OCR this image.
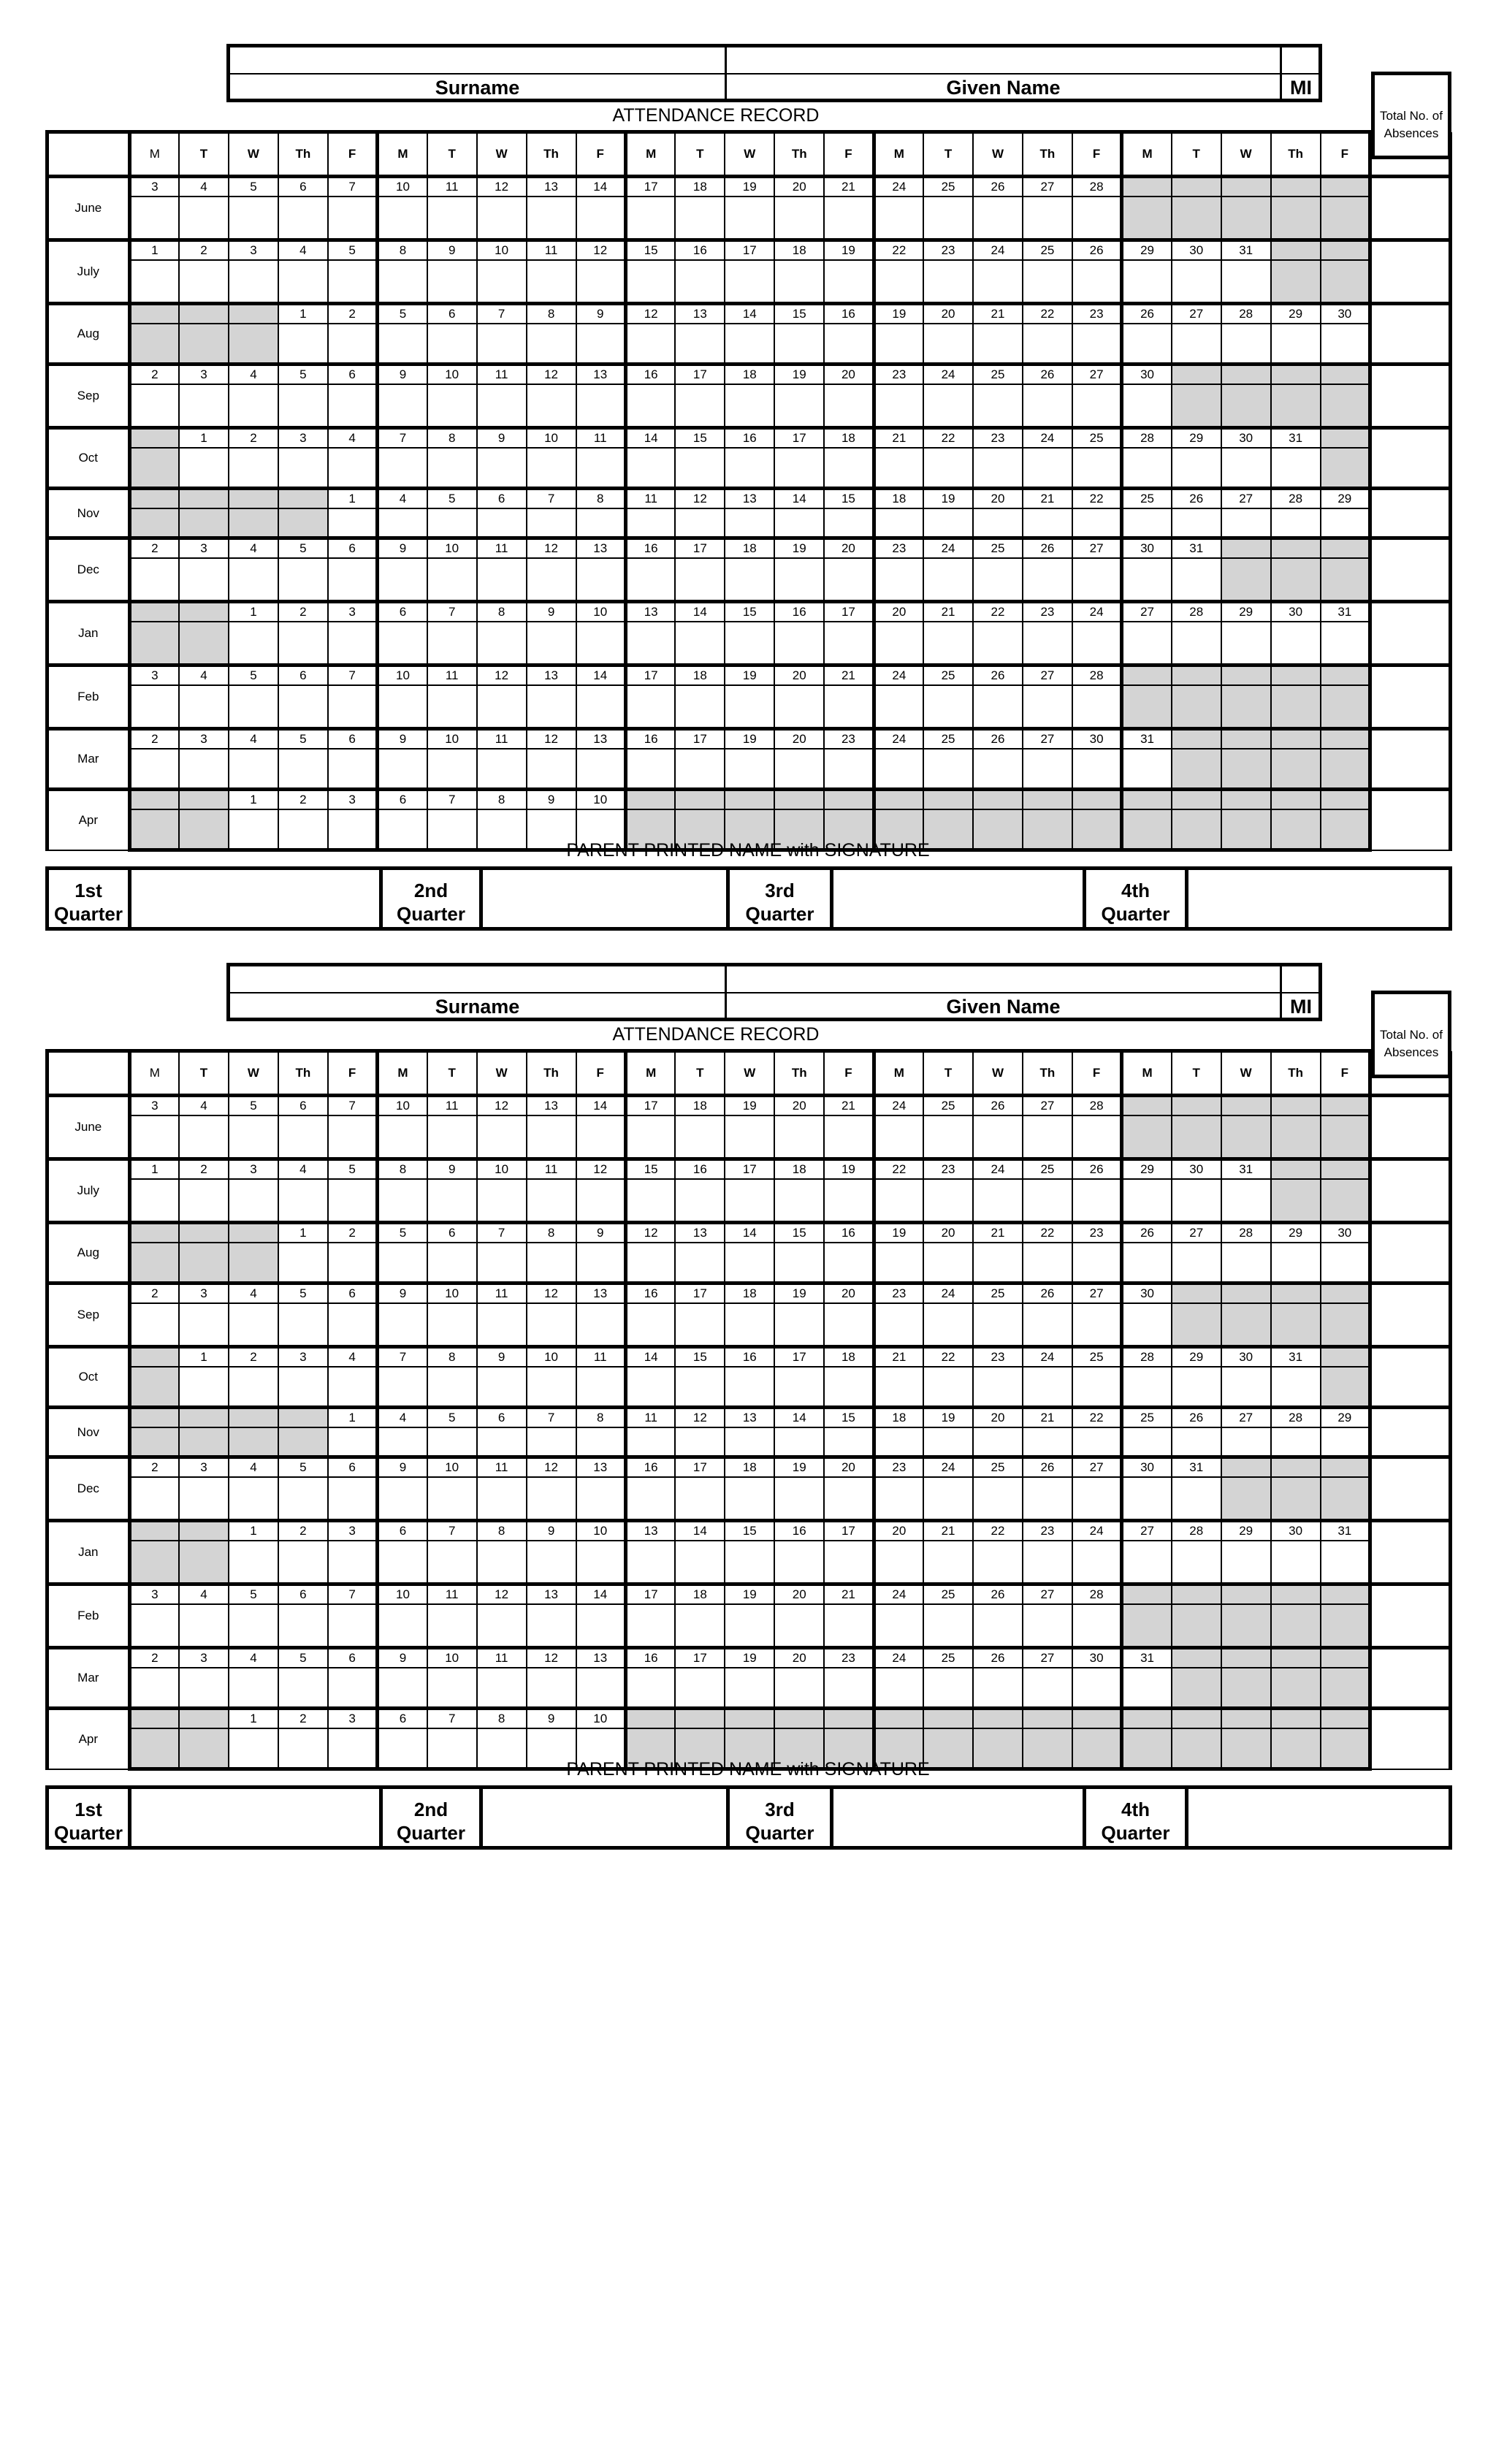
Surname	Given Name	MI
Total No. of
Absences
ATTENDANCE RECORD
	M	T	W	Th	F	M	T	W	Th	F	M	T	W	Th	F	M	T	W	Th	F	M	T	W	Th	F	
June	3	4	5	6	7	10	11	12	13	14	17	18	19	20	21	24	25	26	27	28						

July	1	2	3	4	5	8	9	10	11	12	15	16	17	18	19	22	23	24	25	26	29	30	31			

Aug				1	2	5	6	7	8	9	12	13	14	15	16	19	20	21	22	23	26	27	28	29	30	

Sep	2	3	4	5	6	9	10	11	12	13	16	17	18	19	20	23	24	25	26	27	30					

Oct		1	2	3	4	7	8	9	10	11	14	15	16	17	18	21	22	23	24	25	28	29	30	31		

Nov					1	4	5	6	7	8	11	12	13	14	15	18	19	20	21	22	25	26	27	28	29	

Dec	2	3	4	5	6	9	10	11	12	13	16	17	18	19	20	23	24	25	26	27	30	31				

Jan			1	2	3	6	7	8	9	10	13	14	15	16	17	20	21	22	23	24	27	28	29	30	31	

Feb	3	4	5	6	7	10	11	12	13	14	17	18	19	20	21	24	25	26	27	28						

Mar	2	3	4	5	6	9	10	11	12	13	16	17	19	20	23	24	25	26	27	30	31					

Apr			1	2	3	6	7	8	9	10																

PARENT PRINTED NAME with SIGNATURE
1st
Quarter
2nd
Quarter
3rd
Quarter
4th
Quarter
Surname	Given Name	MI
Total No. of
Absences
ATTENDANCE RECORD
	M	T	W	Th	F	M	T	W	Th	F	M	T	W	Th	F	M	T	W	Th	F	M	T	W	Th	F	
June	3	4	5	6	7	10	11	12	13	14	17	18	19	20	21	24	25	26	27	28						

July	1	2	3	4	5	8	9	10	11	12	15	16	17	18	19	22	23	24	25	26	29	30	31			

Aug				1	2	5	6	7	8	9	12	13	14	15	16	19	20	21	22	23	26	27	28	29	30	

Sep	2	3	4	5	6	9	10	11	12	13	16	17	18	19	20	23	24	25	26	27	30					

Oct		1	2	3	4	7	8	9	10	11	14	15	16	17	18	21	22	23	24	25	28	29	30	31		

Nov					1	4	5	6	7	8	11	12	13	14	15	18	19	20	21	22	25	26	27	28	29	

Dec	2	3	4	5	6	9	10	11	12	13	16	17	18	19	20	23	24	25	26	27	30	31				

Jan			1	2	3	6	7	8	9	10	13	14	15	16	17	20	21	22	23	24	27	28	29	30	31	

Feb	3	4	5	6	7	10	11	12	13	14	17	18	19	20	21	24	25	26	27	28						

Mar	2	3	4	5	6	9	10	11	12	13	16	17	19	20	23	24	25	26	27	30	31					

Apr			1	2	3	6	7	8	9	10																

PARENT PRINTED NAME with SIGNATURE
1st
Quarter
2nd
Quarter
3rd
Quarter
4th
Quarter
